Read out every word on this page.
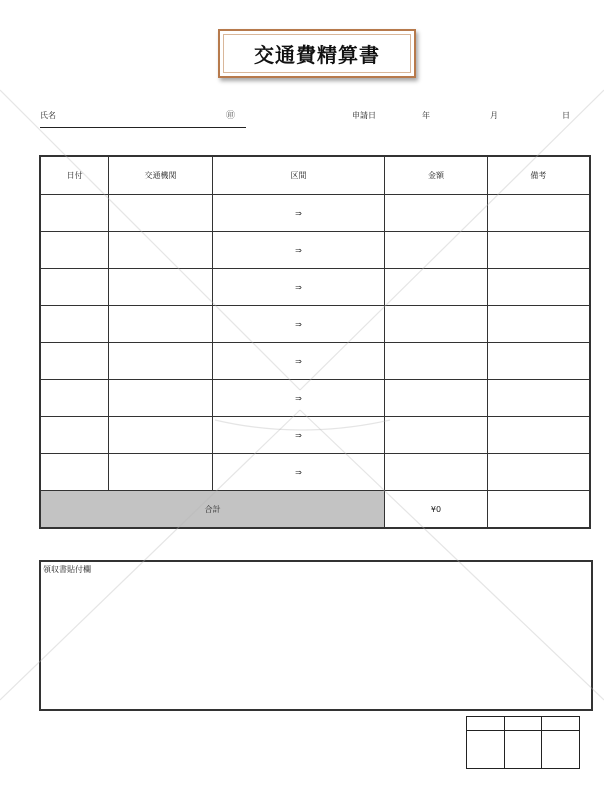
交通費精算書
氏名	㊞	申請日	年	月	日
日付	交通機関	区間	金額	備考
		⇒		
		⇒		
		⇒		
		⇒		
		⇒		
		⇒		
		⇒		
		⇒		
合計			¥0	
領収書貼付欄
